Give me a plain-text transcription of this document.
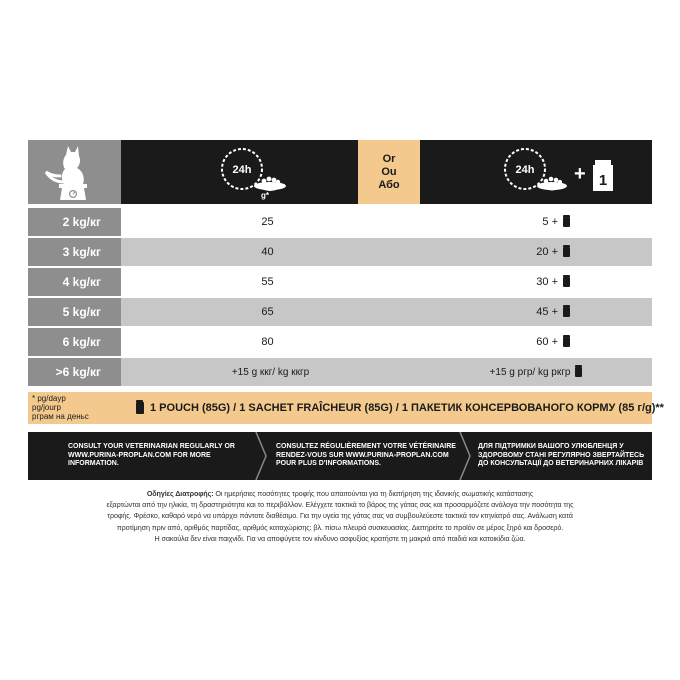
24h
g*
Or
Ou
Або
24h + 1
2 kg/кг	25	5 +
3 kg/кг	40	20 +
4 kg/кг	55	30 +
5 kg/кг	65	45 +
6 kg/кг	80	60 +
>6 kg/кг	+15 g ккг/ kg ккгр	+15 g ргр/ kg ркгр
* pg/dayp
pg/jourp
рграм на деньс
1 POUCH (85G) / 1 SACHET FRAÎCHEUR (85G) / 1 ПАКЕТИК КОНСЕРВОВАНОГО КОРМУ (85 г/g)**
CONSULT YOUR VETERINARIAN REGULARLY OR WWW.PURINA-PROPLAN.COM FOR MORE INFORMATION.
CONSULTEZ RÉGULIÈREMENT VOTRE VÉTÉRINAIRE RENDEZ-VOUS SUR WWW.PURINA-PROPLAN.COM POUR PLUS D'INFORMATIONS.
ДЛЯ ПІДТРИМКИ ВАШОГО УЛЮБЛЕНЦЯ У ЗДОРОВОМУ СТАНІ РЕГУЛЯРНО ЗВЕРТАЙТЕСЬ ДО КОНСУЛЬТАЦІЇ ДО ВЕТЕРИНАРНИХ ЛІКАРІВ
Οδηγίες Διατροφής: Οι ημερήσιες ποσότητες τροφής που απαιτούνται για τη διατήρηση της ιδανικής σωματικής κατάστασης
εξαρτώνται από την ηλικία, τη δραστηριότητα και το περιβάλλον. Ελέγχετε τακτικά το βάρος της γάτας σας και προσαρμόζετε ανάλογα την ποσότητα της
τροφής. Φρέσκο, καθαρό νερό να υπάρχει πάντοτε διαθέσιμο. Για την υγεία της γάτας σας να συμβουλεύεστε τακτικά τον κτηνίατρό σας. Ανάλωση κατά
προτίμηση πριν από, αριθμός παρτίδας, αριθμός καταχώρισης: βλ. πίσω πλευρά συσκευασίας. Διατηρείτε το προϊόν σε μέρος ξηρό και δροσερό.
Η σακούλα δεν είναι παιχνίδι. Για να αποφύγετε τον κίνδυνο ασφυξίας κρατήστε τη μακριά από παιδιά και κατοικίδια ζώα.
